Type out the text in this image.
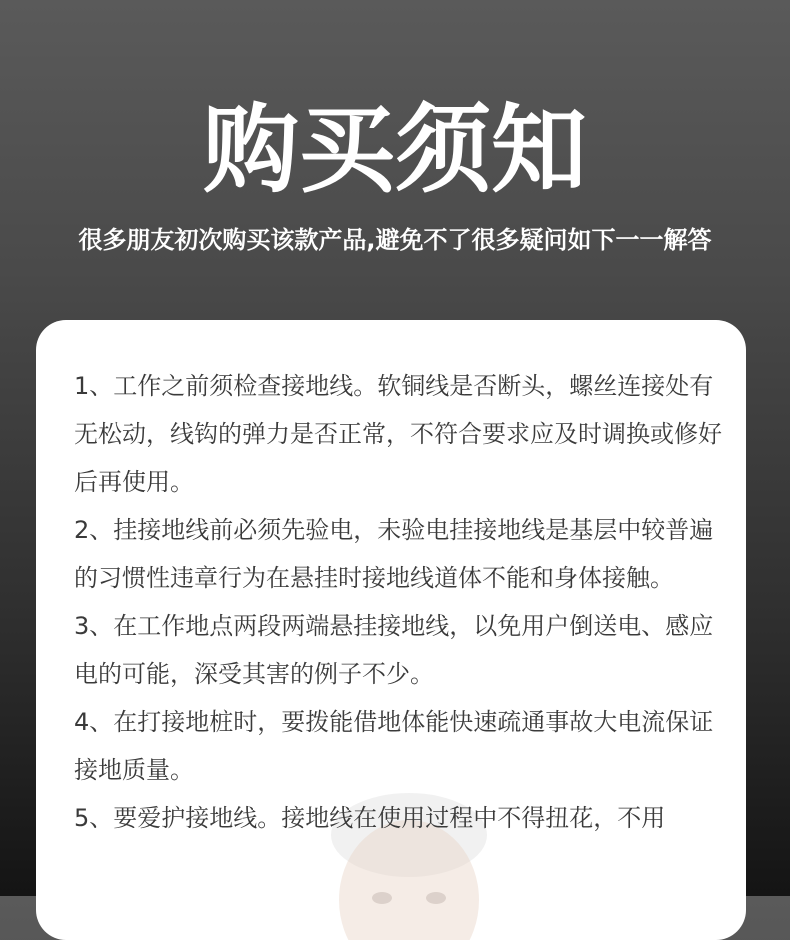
购买须知
很多朋友初次购买该款产品,避免不了很多疑问如下一一解答

1、工作之前须检查接地线。软铜线是否断头，螺丝连接处有无松动，线钩的弹力是否正常，不符合要求应及时调换或修好后再使用。

2、挂接地线前必须先验电，未验电挂接地线是基层中较普遍的习惯性违章行为在悬挂时接地线道体不能和身体接触。

3、在工作地点两段两端悬挂接地线，以免用户倒送电、感应电的可能，深受其害的例子不少。

4、在打接地桩时，要拨能借地体能快速疏通事故大电流保证接地质量。

5、要爱护接地线。接地线在使用过程中不得扭花，不用
